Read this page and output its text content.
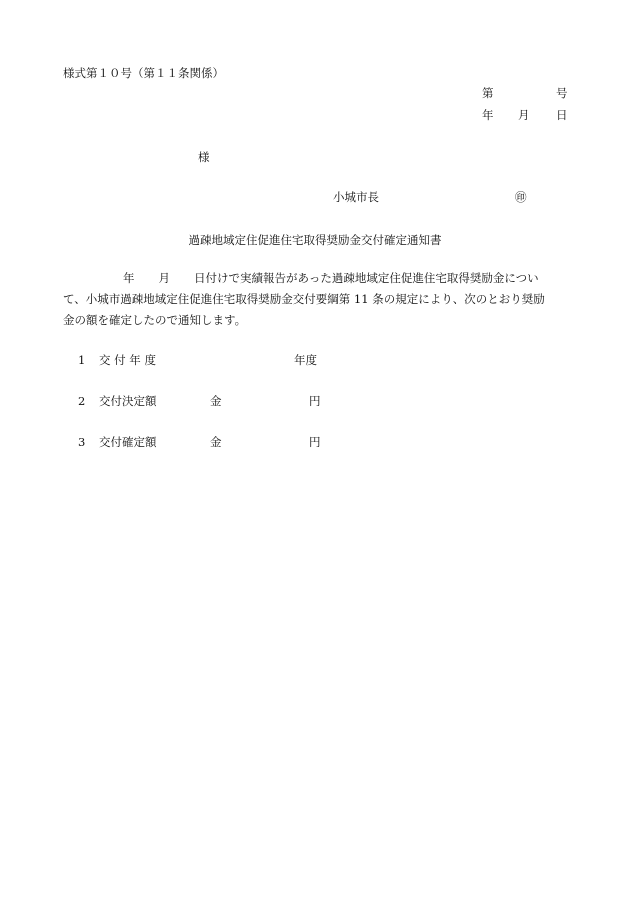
様式第１０号（第１１条関係）
第	号
年 月 日
様
小城市長	㊞
過疎地域定住促進住宅取得奨励金交付確定通知書
年 月 日付けで実績報告があった過疎地域定住促進住宅取得奨励金につい
て、小城市過疎地域定住促進住宅取得奨励金交付要綱第 11 条の規定により、次のとおり奨励
金の額を確定したので通知します。
1 交 付 年 度	年度
2 交付決定額	金	円
3 交付確定額	金	円
